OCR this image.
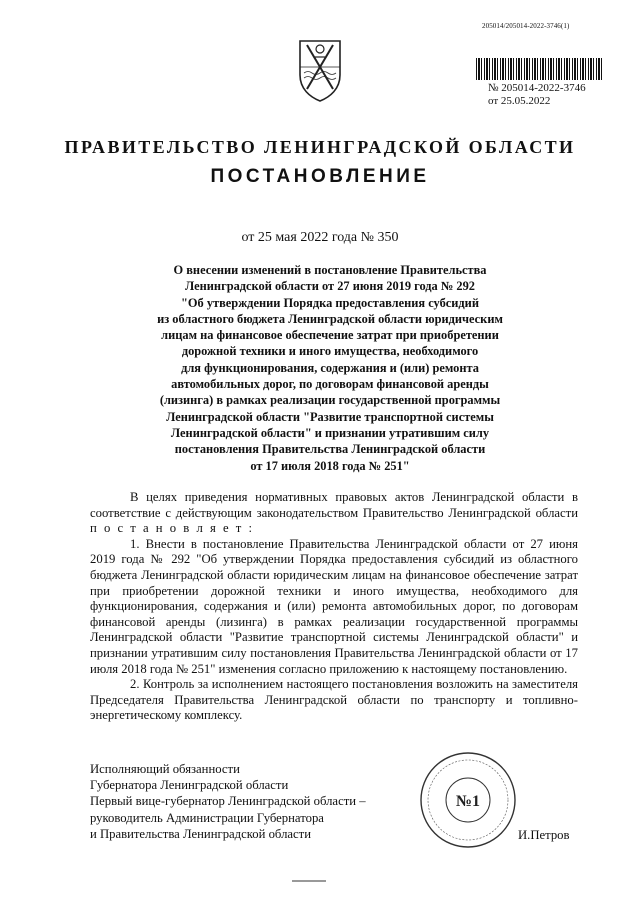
205014/205014-2022-3746(1)
№ 205014-2022-3746
от 25.05.2022
ПРАВИТЕЛЬСТВО ЛЕНИНГРАДСКОЙ ОБЛАСТИ
ПОСТАНОВЛЕНИЕ
от 25 мая 2022 года № 350
О внесении изменений в постановление Правительства
Ленинградской области от 27 июня 2019 года № 292
"Об утверждении Порядка предоставления субсидий
из областного бюджета Ленинградской области юридическим
лицам на финансовое обеспечение затрат при приобретении
дорожной техники и иного имущества, необходимого
для функционирования, содержания и (или) ремонта
автомобильных дорог, по договорам финансовой аренды
(лизинга) в рамках реализации государственной программы
Ленинградской области "Развитие транспортной системы
Ленинградской области" и признании утратившим силу
постановления Правительства Ленинградской области
от 17 июля 2018 года № 251"

В целях приведения нормативных правовых актов Ленинградской области в соответствие с действующим законодательством Правительство Ленинградской области п о с т а н о в л я е т :

1. Внести в постановление Правительства Ленинградской области от 27 июня 2019 года № 292 "Об утверждении Порядка предоставления субсидий из областного бюджета Ленинградской области юридическим лицам на финансовое обеспечение затрат при приобретении дорожной техники и иного имущества, необходимого для функционирования, содержания и (или) ремонта автомобильных дорог, по договорам финансовой аренды (лизинга) в рамках реализации государственной программы Ленинградской области "Развитие транспортной системы Ленинградской области" и признании утратившим силу постановления Правительства Ленинградской области от 17 июля 2018 года № 251" изменения согласно приложению к настоящему постановлению.

2. Контроль за исполнением настоящего постановления возложить на заместителя Председателя Правительства Ленинградской области по транспорту и топливно-энергетическому комплексу.

Исполняющий обязанности
Губернатора Ленинградской области
Первый вице-губернатор Ленинградской области –
руководитель Администрации Губернатора
и Правительства Ленинградской области
№1
И.Петров
